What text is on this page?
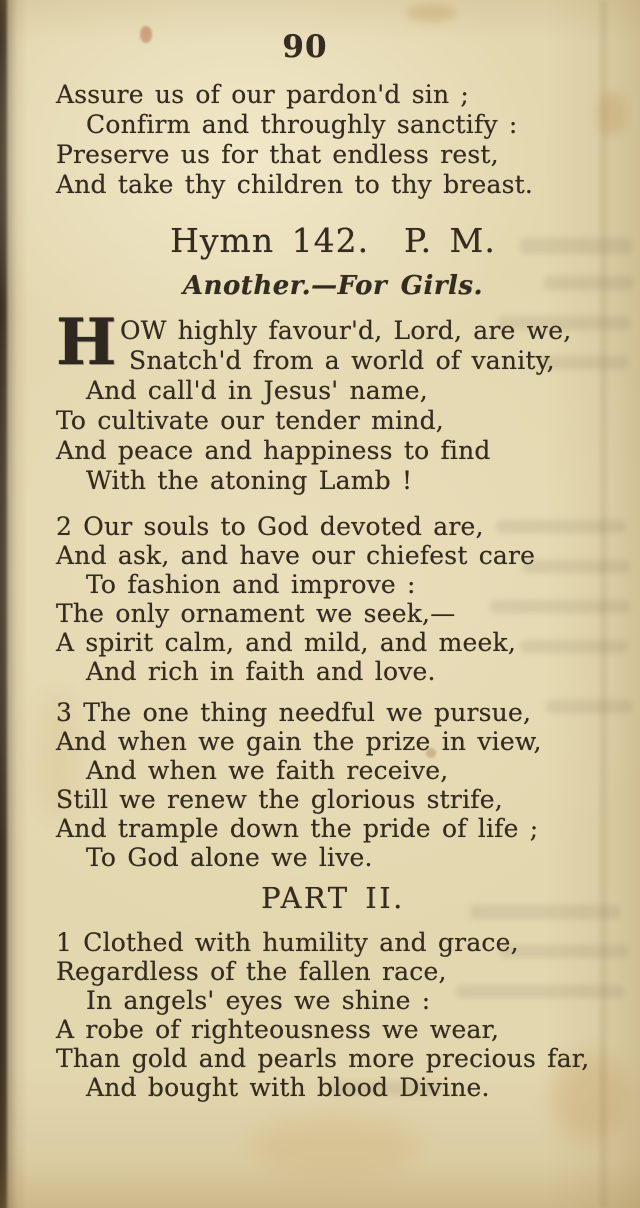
90
Assure us of our pardon'd sin ;
Confirm and throughly sanctify :
Preserve us for that endless rest,
And take thy children to thy breast.
Hymn 142.  P. M.
Another.—For Girls.
H OW highly favour'd, Lord, are we,
Snatch'd from a world of vanity,
And call'd in Jesus' name,
To cultivate our tender mind,
And peace and happiness to find
With the atoning Lamb !
2 Our souls to God devoted are,
And ask, and have our chiefest care
To fashion and improve :
The only ornament we seek,—
A spirit calm, and mild, and meek,
And rich in faith and love.
3 The one thing needful we pursue,
And when we gain the prize in view,
And when we faith receive,
Still we renew the glorious strife,
And trample down the pride of life ;
To God alone we live.
PART II.
1 Clothed with humility and grace,
Regardless of the fallen race,
In angels' eyes we shine :
A robe of righteousness we wear,
Than gold and pearls more precious far,
And bought with blood Divine.
